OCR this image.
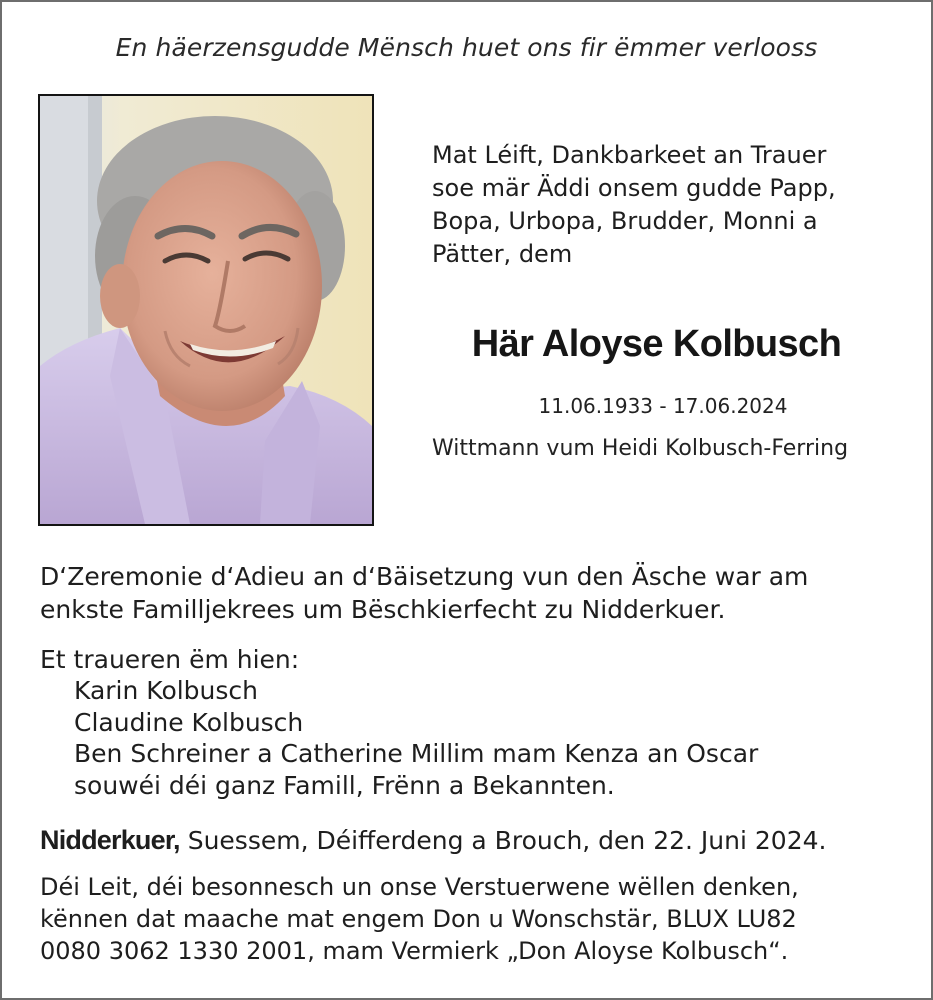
En häerzensgudde Mënsch huet ons fir ëmmer verlooss
Mat Léift, Dankbarkeet an Trauer
soe mär Äddi onsem gudde Papp,
Bopa, Urbopa, Brudder, Monni a
Pätter, dem
Här Aloyse Kolbusch
11.06.1933 - 17.06.2024
Wittmann vum Heidi Kolbusch-Ferring
D‘Zeremonie d‘Adieu an d‘Bäisetzung vun den Äsche war am
enkste Familljekrees um Bëschkierfecht zu Nidderkuer.
Et traueren ëm hien:
Karin Kolbusch
Claudine Kolbusch
Ben Schreiner a Catherine Millim mam Kenza an Oscar
souwéi déi ganz Famill, Frënn a Bekannten.
Nidderkuer, Suessem, Déifferdeng a Brouch, den 22. Juni 2024.
Déi Leit, déi besonnesch un onse Verstuerwene wëllen denken,
kënnen dat maache mat engem Don u Wonschstär, BLUX LU82
0080 3062 1330 2001, mam Vermierk „Don Aloyse Kolbusch“.
